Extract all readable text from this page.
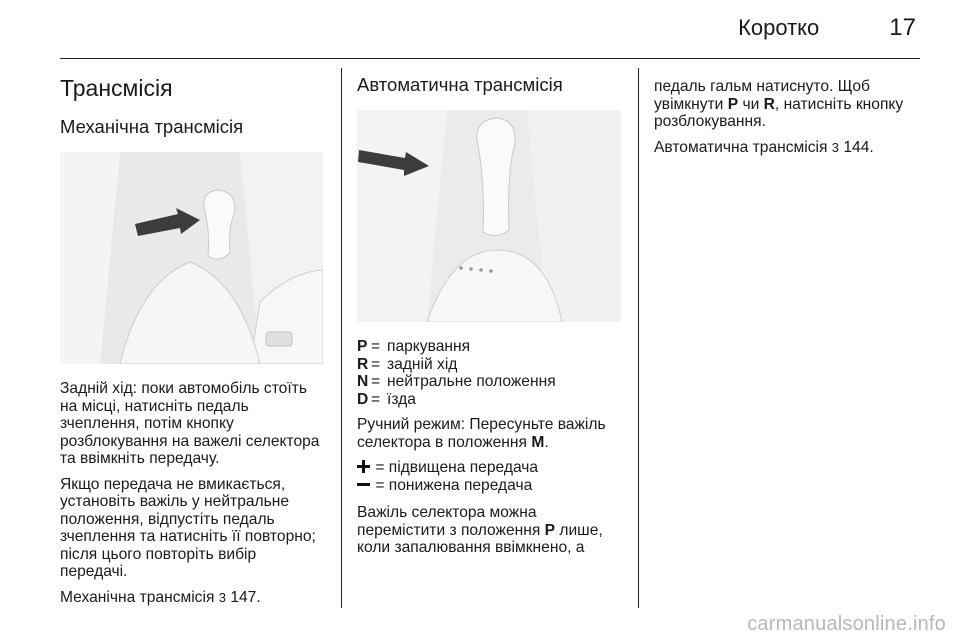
Коротко	17
Трансмісія
Механічна трансмісія

Задній хід: поки автомобіль стоїть на місці, натисніть педаль зчеплення, потім кнопку розблокування на важелі селектора та ввімкніть передачу.

Якщо передача не вмикається, установіть важіль у нейтральне положення, відпустіть педаль зчеплення та натисніть її повторно; після цього повторіть вибір передачі.

Механічна трансмісія 3 147.

Автоматична трансмісія
P = паркування
R = задній хід
N = нейтральне положення
D = їзда

Ручний режим: Пересуньте важіль селектора в положення M.

= підвищена передача
= понижена передача

Важіль селектора можна перемістити з положення P лише, коли запалювання ввімкнено, а

педаль гальм натиснуто. Щоб увімкнути P чи R, натисніть кнопку розблокування.

Автоматична трансмісія 3 144.

carmanualsonline.info
